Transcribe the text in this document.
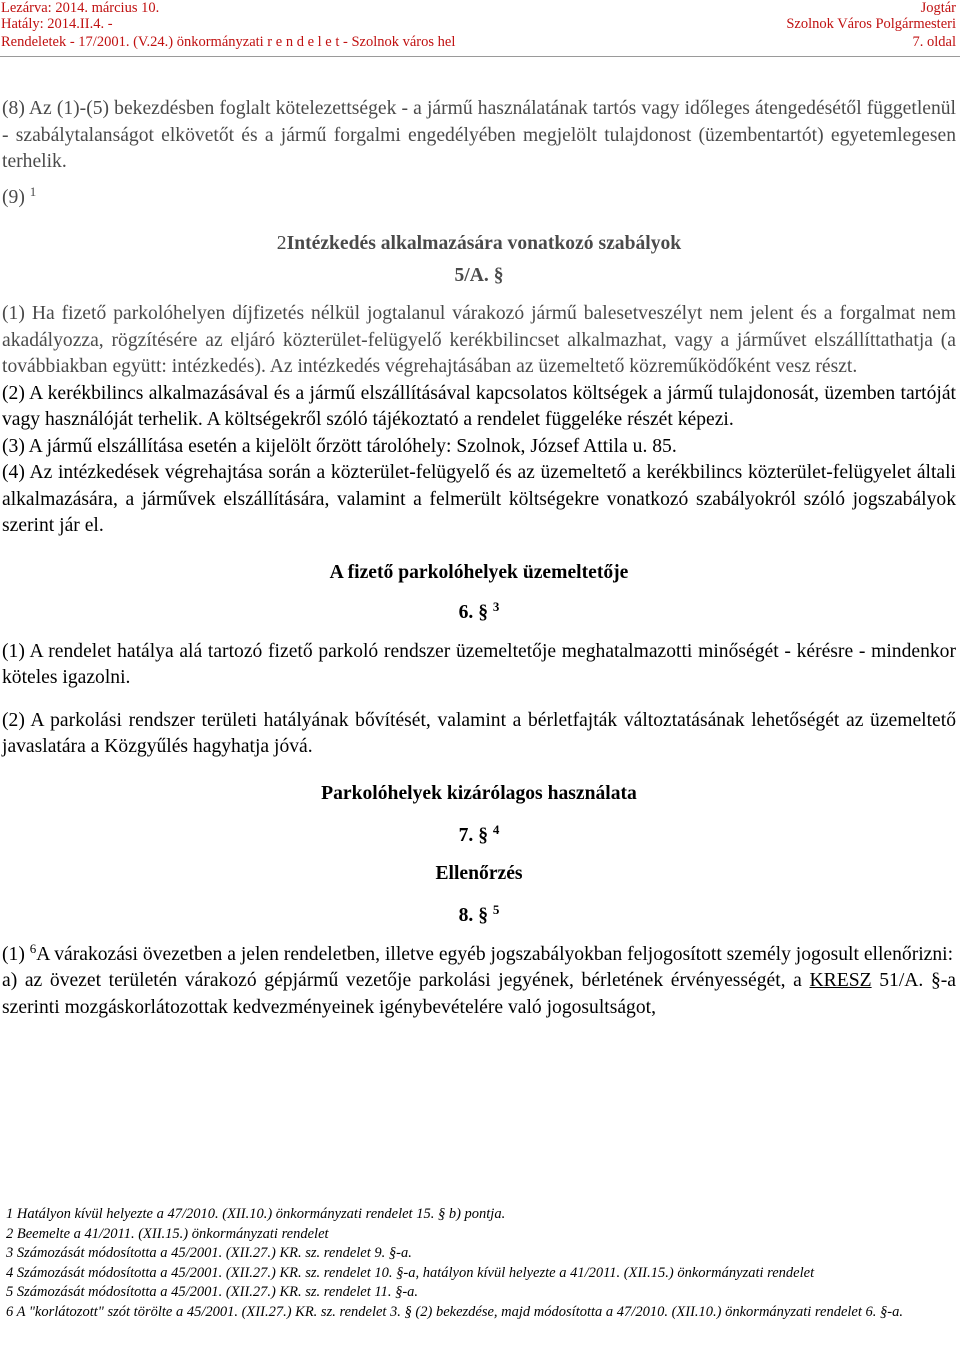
Lezárva: 2014. március 10.
Hatály: 2014.II.4. -
Rendeletek - 17/2001. (V.24.) önkormányzati r e n d e l e t - Szolnok város hel
Jogtár
Szolnok Város Polgármesteri
7. oldal

(8) Az (1)-(5) bekezdésben foglalt kötelezettségek - a jármű használatának tartós vagy időleges átengedésétől függetlenül - szabálytalanságot elkövetőt és a jármű forgalmi engedélyében megjelölt tulajdonost (üzembentartót) egyetemlegesen terhelik.

(9) $^1$

2Intézkedés alkalmazására vonatkozó szabályok

5/A. §

(1) Ha fizető parkolóhelyen díjfizetés nélkül jogtalanul várakozó jármű balesetveszélyt nem jelent és a forgalmat nem akadályozza, rögzítésére az eljáró közterület-felügyelő kerékbilincset alkalmazhat, vagy a járművet elszállíttathatja (a továbbiakban együtt: intézkedés). Az intézkedés végrehajtásában az üzemeltető közreműködőként vesz részt.

(2) A kerékbilincs alkalmazásával és a jármű elszállításával kapcsolatos költségek a jármű tulajdonosát, üzemben tartóját vagy használóját terhelik. A költségekről szóló tájékoztató a rendelet függeléke részét képezi.

(3) A jármű elszállítása esetén a kijelölt őrzött tárolóhely: Szolnok, József Attila u. 85.

(4) Az intézkedések végrehajtása során a közterület-felügyelő és az üzemeltető a kerékbilincs közterület-felügyelet általi alkalmazására, a járművek elszállítására, valamint a felmerült költségekre vonatkozó szabályokról szóló jogszabályok szerint jár el.

A fizető parkolóhelyek üzemeltetője

6. § $^3$

(1) A rendelet hatálya alá tartozó fizető parkoló rendszer üzemeltetője meghatalmazotti minőségét - kérésre - mindenkor köteles igazolni.

(2) A parkolási rendszer területi hatályának bővítését, valamint a bérletfajták változtatásának lehetőségét az üzemeltető javaslatára a Közgyűlés hagyhatja jóvá.

Parkolóhelyek kizárólagos használata

7. § $^4$

Ellenőrzés

8. § $^5$

(1) $^6$A várakozási övezetben a jelen rendeletben, illetve egyéb jogszabályokban feljogosított személy jogosult ellenőrizni:

a) az övezet területén várakozó gépjármű vezetője parkolási jegyének, bérletének érvényességét, a KRESZ 51/A. §-a szerinti mozgáskorlátozottak kedvezményeinek igénybevételére való jogosultságot,

1 Hatályon kívül helyezte a 47/2010. (XII.10.) önkormányzati rendelet 15. § b) pontja.

2 Beemelte a 41/2011. (XII.15.) önkormányzati rendelet

3 Számozását módosította a 45/2001. (XII.27.) KR. sz. rendelet 9. §-a.

4 Számozását módosította a 45/2001. (XII.27.) KR. sz. rendelet 10. §-a, hatályon kívül helyezte a 41/2011. (XII.15.) önkormányzati rendelet

5 Számozását módosította a 45/2001. (XII.27.) KR. sz. rendelet 11. §-a.

6 A "korlátozott" szót törölte a 45/2001. (XII.27.) KR. sz. rendelet 3. § (2) bekezdése, majd módosította a 47/2010. (XII.10.) önkormányzati rendelet 6. §-a.
